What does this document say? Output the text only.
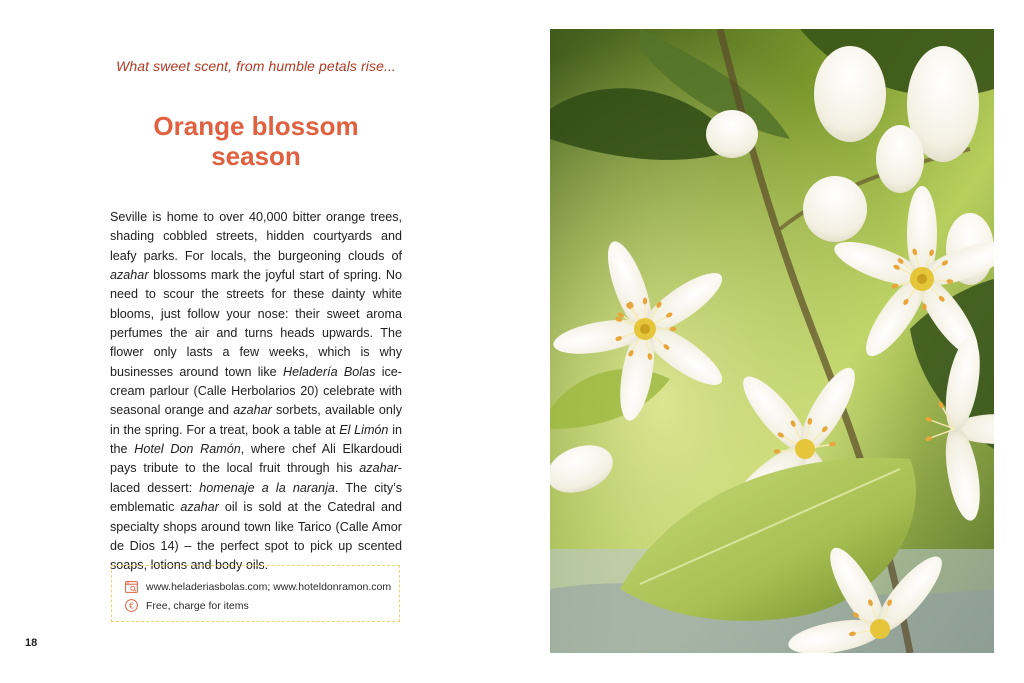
What sweet scent, from humble petals rise...
Orange blossom
season

Seville is home to over 40,000 bitter orange trees, shading cobbled streets, hidden courtyards and leafy parks. For locals, the burgeoning clouds of azahar blossoms mark the joyful start of spring. No need to scour the streets for these dainty white blooms, just follow your nose: their sweet aroma perfumes the air and turns heads upwards. The flower only lasts a few weeks, which is why businesses around town like Heladería Bolas ice-cream parlour (Calle Herbolarios 20) celebrate with seasonal orange and azahar sorbets, available only in the spring. For a treat, book a table at El Limón in the Hotel Don Ramón, where chef Ali Elkardoudi pays tribute to the local fruit through his azahar-laced dessert: homenaje a la naranja. The city’s emblematic azahar oil is sold at the Catedral and specialty shops around town like Tarico (Calle Amor de Dios 14) – the perfect spot to pick up scented soaps, lotions and body oils.

www.heladeriasbolas.com; www.hoteldonramon.com
€ Free, charge for items
18
